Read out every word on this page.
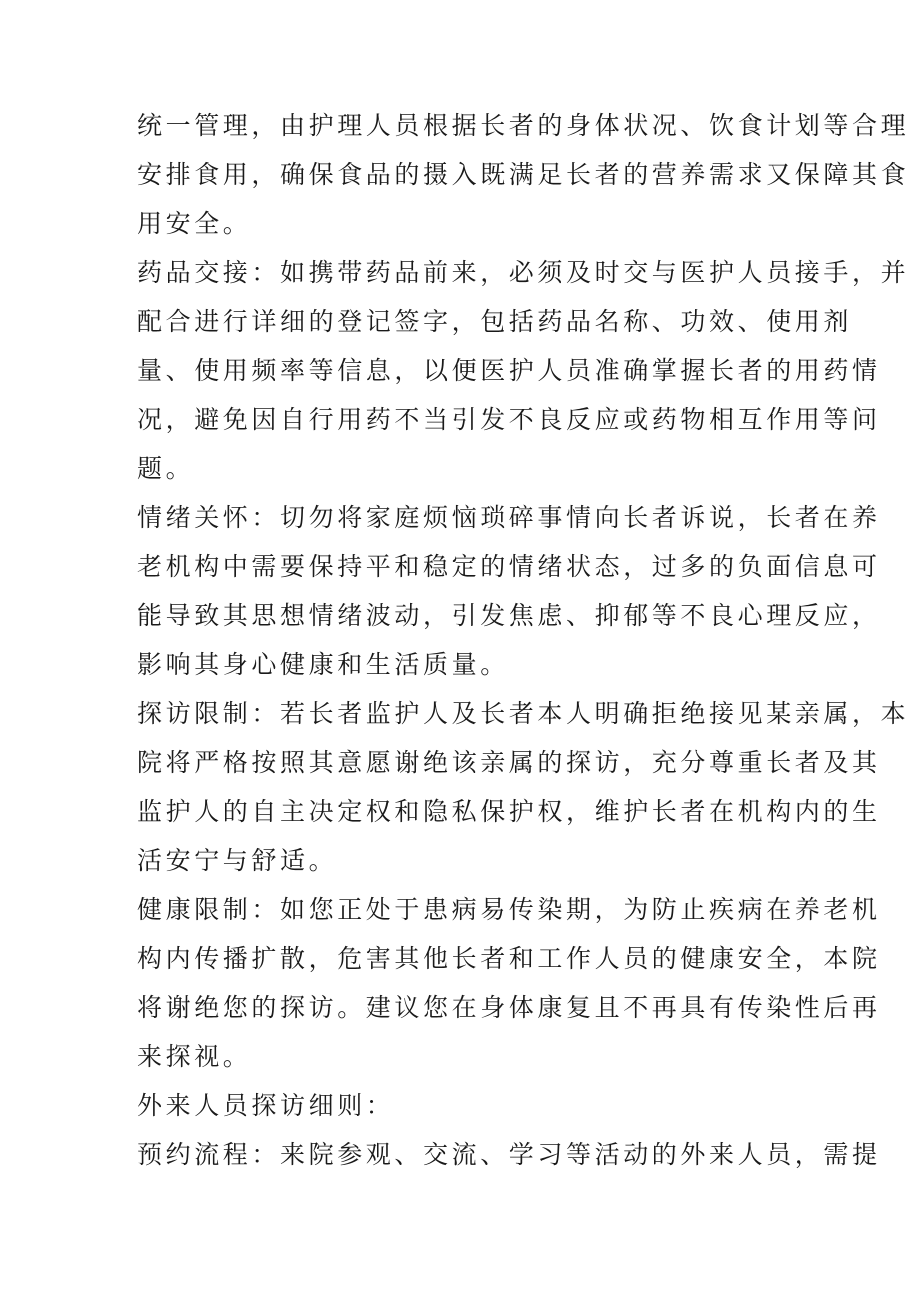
统一管理，由护理人员根据长者的身体状况、饮食计划等合理
安排食用，确保食品的摄入既满足长者的营养需求又保障其食
用安全。
药品交接：如携带药品前来，必须及时交与医护人员接手，并
配合进行详细的登记签字，包括药品名称、功效、使用剂
量、使用频率等信息，以便医护人员准确掌握长者的用药情
况，避免因自行用药不当引发不良反应或药物相互作用等问
题。
情绪关怀：切勿将家庭烦恼琐碎事情向长者诉说，长者在养
老机构中需要保持平和稳定的情绪状态，过多的负面信息可
能导致其思想情绪波动，引发焦虑、抑郁等不良心理反应，
影响其身心健康和生活质量。
探访限制：若长者监护人及长者本人明确拒绝接见某亲属，本
院将严格按照其意愿谢绝该亲属的探访，充分尊重长者及其
监护人的自主决定权和隐私保护权，维护长者在机构内的生
活安宁与舒适。
健康限制：如您正处于患病易传染期，为防止疾病在养老机
构内传播扩散，危害其他长者和工作人员的健康安全，本院
将谢绝您的探访。建议您在身体康复且不再具有传染性后再
来探视。
外来人员探访细则：
预约流程：来院参观、交流、学习等活动的外来人员，需提
